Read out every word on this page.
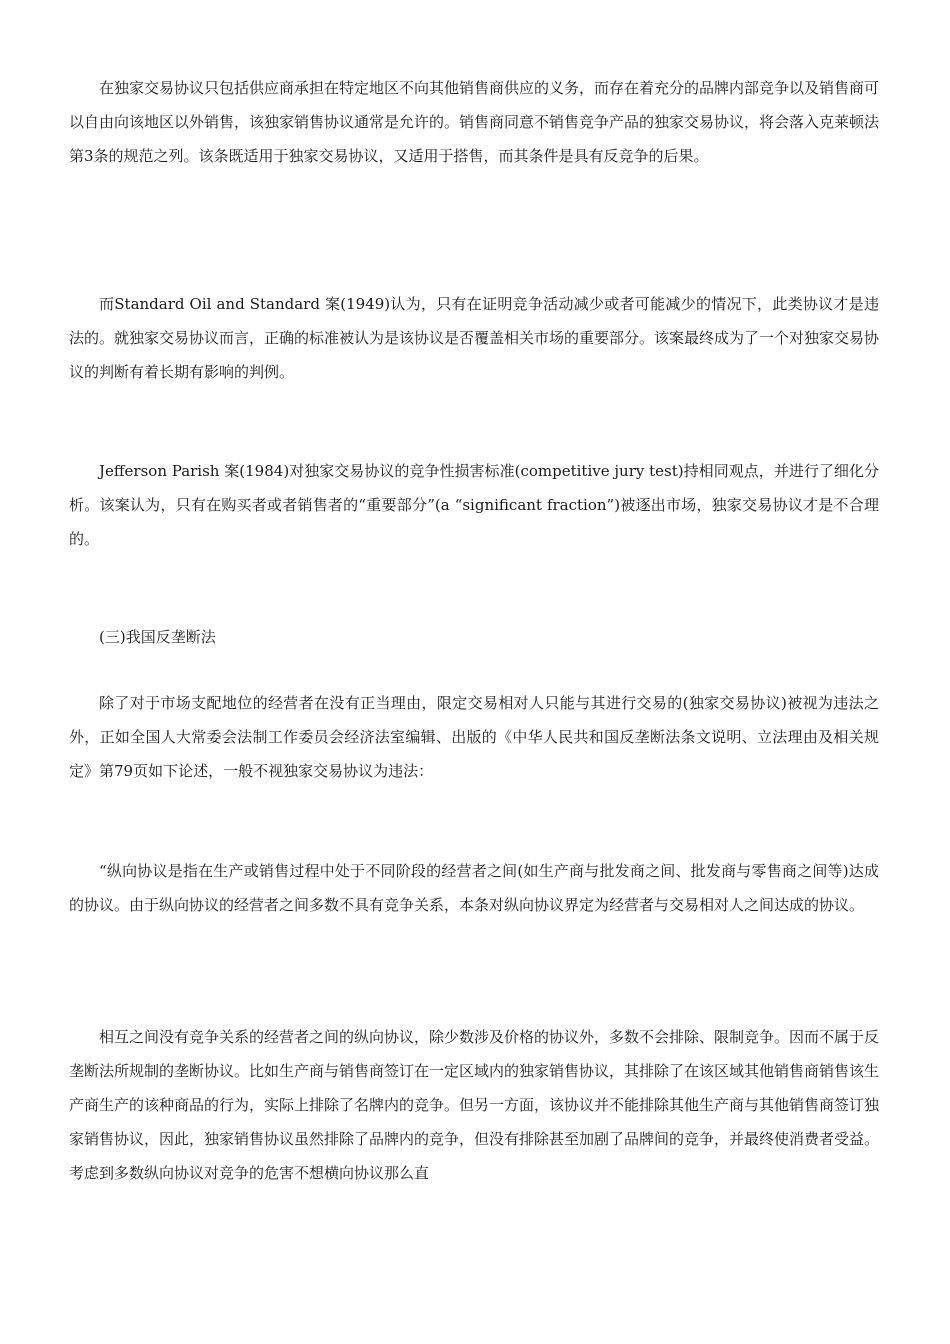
在独家交易协议只包括供应商承担在特定地区不向其他销售商供应的义务，而存在着充分的品牌内部竞争以及销售商可以自由向该地区以外销售，该独家销售协议通常是允许的。销售商同意不销售竞争产品的独家交易协议，将会落入克莱顿法第3条的规范之列。该条既适用于独家交易协议，又适用于搭售，而其条件是具有反竞争的后果。

而Standard Oil and Standard 案(1949)认为，只有在证明竞争活动减少或者可能减少的情况下，此类协议才是违法的。就独家交易协议而言，正确的标准被认为是该协议是否覆盖相关市场的重要部分。该案最终成为了一个对独家交易协议的判断有着长期有影响的判例。

Jefferson Parish 案(1984)对独家交易协议的竞争性损害标准(competitive jury test)持相同观点，并进行了细化分析。该案认为，只有在购买者或者销售者的“重要部分”(a “significant fraction”)被逐出市场，独家交易协议才是不合理的。

(三)我国反垄断法

除了对于市场支配地位的经营者在没有正当理由，限定交易相对人只能与其进行交易的(独家交易协议)被视为违法之外，正如全国人大常委会法制工作委员会经济法室编辑、出版的《中华人民共和国反垄断法条文说明、立法理由及相关规定》第79页如下论述，一般不视独家交易协议为违法：

“纵向协议是指在生产或销售过程中处于不同阶段的经营者之间(如生产商与批发商之间、批发商与零售商之间等)达成的协议。由于纵向协议的经营者之间多数不具有竞争关系，本条对纵向协议界定为经营者与交易相对人之间达成的协议。

相互之间没有竞争关系的经营者之间的纵向协议，除少数涉及价格的协议外，多数不会排除、限制竞争。因而不属于反垄断法所规制的垄断协议。比如生产商与销售商签订在一定区域内的独家销售协议，其排除了在该区域其他销售商销售该生产商生产的该种商品的行为，实际上排除了名牌内的竞争。但另一方面，该协议并不能排除其他生产商与其他销售商签订独家销售协议，因此，独家销售协议虽然排除了品牌内的竞争，但没有排除甚至加剧了品牌间的竞争，并最终使消费者受益。考虑到多数纵向协议对竞争的危害不想横向协议那么直
